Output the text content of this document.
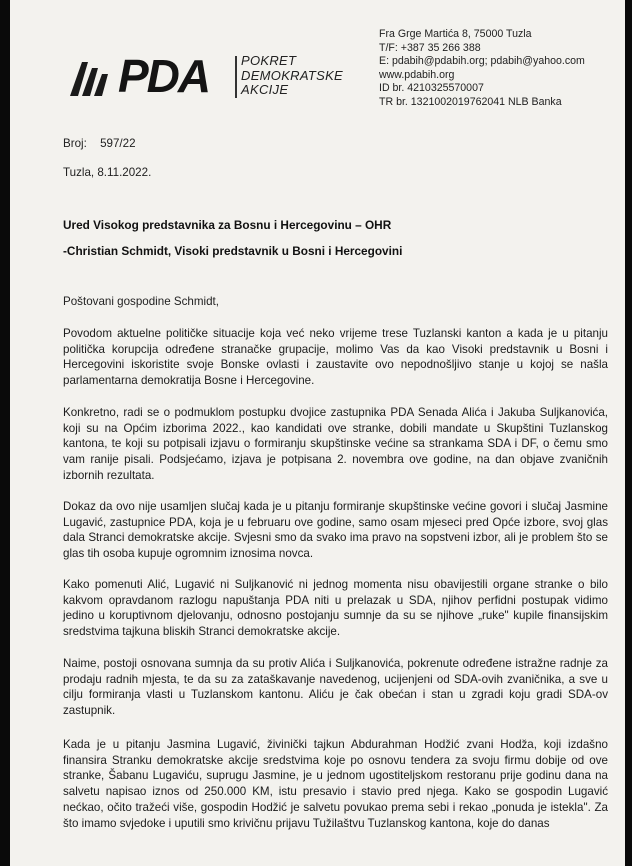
PDA POKRET
DEMOKRATSKE
AKCIJE
Fra Grge Martića 8, 75000 Tuzla
T/F: +387 35 266 388
E: pdabih@pdabih.org; pdabih@yahoo.com
www.pdabih.org
ID br. 4210325570007
TR br. 1321002019762041 NLB Banka
Broj: 597/22
Tuzla, 8.11.2022.
Ured Visokog predstavnika za Bosnu i Hercegovinu – OHR
-Christian Schmidt, Visoki predstavnik u Bosni i Hercegovini
Poštovani gospodine Schmidt,

Povodom aktuelne političke situacije koja već neko vrijeme trese Tuzlanski kanton a kada je u pitanju politička korupcija određene stranačke grupacije, molimo Vas da kao Visoki predstavnik u Bosni i Hercegovini iskoristite svoje Bonske ovlasti i zaustavite ovo nepodnošljivo stanje u kojoj se našla parlamentarna demokratija Bosne i Hercegovine.

Konkretno, radi se o podmuklom postupku dvojice zastupnika PDA Senada Alića i Jakuba Suljkanovića, koji su na Općim izborima 2022., kao kandidati ove stranke, dobili mandate u Skupštini Tuzlanskog kantona, te koji su potpisali izjavu o formiranju skupštinske većine sa strankama SDA i DF, o čemu smo vam ranije pisali. Podsjećamo, izjava je potpisana 2. novembra ove godine, na dan objave zvaničnih izbornih rezultata.

Dokaz da ovo nije usamljen slučaj kada je u pitanju formiranje skupštinske većine govori i slučaj Jasmine Lugavić, zastupnice PDA, koja je u februaru ove godine, samo osam mjeseci pred Opće izbore, svoj glas dala Stranci demokratske akcije. Svjesni smo da svako ima pravo na sopstveni izbor, ali je problem što se glas tih osoba kupuje ogromnim iznosima novca.

Kako pomenuti Alić, Lugavić ni Suljkanović ni jednog momenta nisu obavijestili organe stranke o bilo kakvom opravdanom razlogu napuštanja PDA niti u prelazak u SDA, njihov perfidni postupak vidimo jedino u koruptivnom djelovanju, odnosno postojanju sumnje da su se njihove „ruke" kupile finansijskim sredstvima tajkuna bliskih Stranci demokratske akcije.

Naime, postoji osnovana sumnja da su protiv Alića i Suljkanovića, pokrenute određene istražne radnje za prodaju radnih mjesta, te da su za zataškavanje navedenog, ucijenjeni od SDA-ovih zvaničnika, a sve u cilju formiranja vlasti u Tuzlanskom kantonu. Aliću je čak obećan i stan u zgradi koju gradi SDA-ov zastupnik.

Kada je u pitanju Jasmina Lugavić, živinički tajkun Abdurahman Hodžić zvani Hodža, koji izdašno finansira Stranku demokratske akcije sredstvima koje po osnovu tendera za svoju firmu dobije od ove stranke, Šabanu Lugaviću, suprugu Jasmine, je u jednom ugostiteljskom restoranu prije godinu dana na salvetu napisao iznos od 250.000 KM, istu presavio i stavio pred njega. Kako se gospodin Lugavić nećkao, očito tražeći više, gospodin Hodžić je salvetu povukao prema sebi i rekao „ponuda je istekla". Za što imamo svjedoke i uputili smo krivičnu prijavu Tužilaštvu Tuzlanskog kantona, koje do danas
